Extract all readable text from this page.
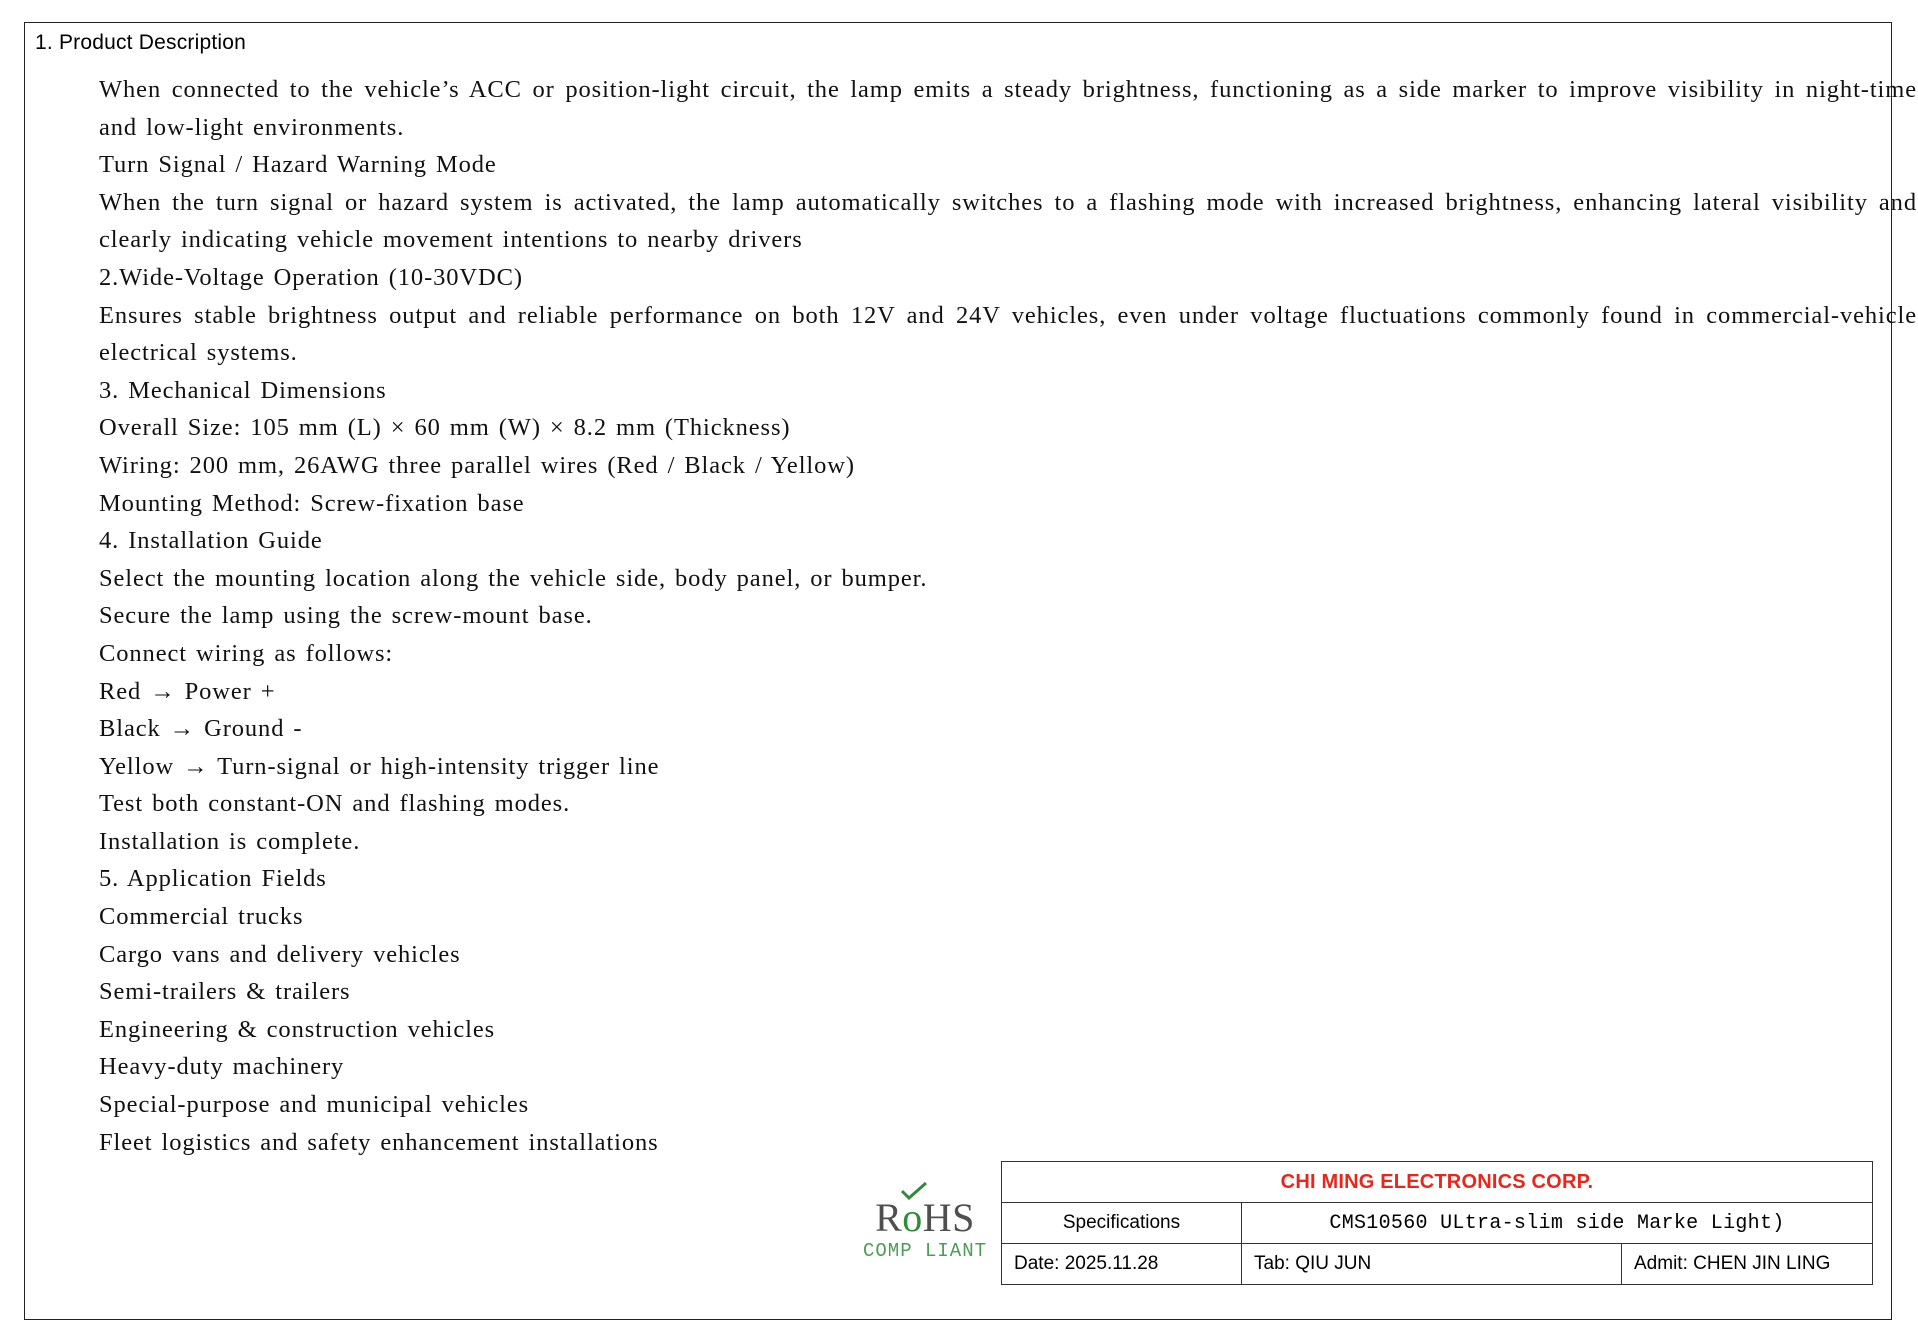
1. Product Description
When connected to the vehicle’s ACC or position-light circuit, the lamp emits a steady brightness, functioning as a side marker to improve visibility in night-time and low-light environments.
Turn Signal / Hazard Warning Mode
When the turn signal or hazard system is activated, the lamp automatically switches to a flashing mode with increased brightness, enhancing lateral visibility and clearly indicating vehicle movement intentions to nearby drivers
2.Wide-Voltage Operation (10-30VDC)
Ensures stable brightness output and reliable performance on both 12V and 24V vehicles, even under voltage fluctuations commonly found in commercial-vehicle electrical systems.
3. Mechanical Dimensions
Overall Size: 105 mm (L) × 60 mm (W) × 8.2 mm (Thickness)
Wiring: 200 mm, 26AWG three parallel wires (Red / Black / Yellow)
Mounting Method: Screw-fixation base
4. Installation Guide
Select the mounting location along the vehicle side, body panel, or bumper.
Secure the lamp using the screw-mount base.
Connect wiring as follows:
Red → Power +
Black → Ground -
Yellow → Turn-signal or high-intensity trigger line
Test both constant-ON and flashing modes.
Installation is complete.
5. Application Fields
Commercial trucks
Cargo vans and delivery vehicles
Semi-trailers & trailers
Engineering & construction vehicles
Heavy-duty machinery
Special-purpose and municipal vehicles
Fleet logistics and safety enhancement installations
RoHS
COMP LIANT
CHI MING ELECTRONICS CORP.
Specifications	CMS10560 ULtra-slim side Marke Light)
Date: 2025.11.28	Tab: QIU JUN	Admit: CHEN JIN LING
